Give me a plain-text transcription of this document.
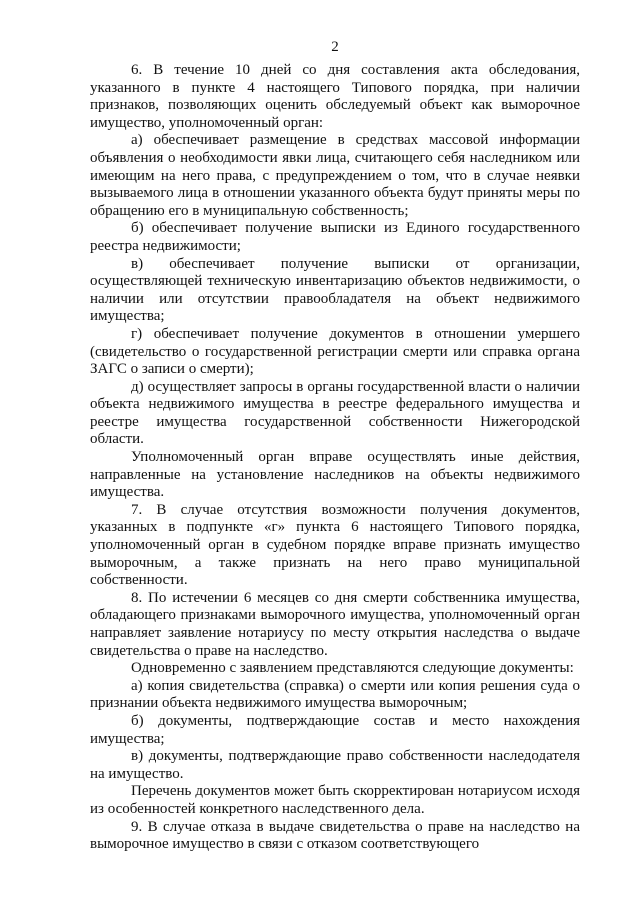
2

6. В течение 10 дней со дня составления акта обследования, указанного в пункте 4 настоящего Типового порядка, при наличии признаков, позволяющих оценить обследуемый объект как выморочное имущество, уполномоченный орган:

а) обеспечивает размещение в средствах массовой информации объявления о необходимости явки лица, считающего себя наследником или имеющим на него права, с предупреждением о том, что в случае неявки вызываемого лица в отношении указанного объекта будут приняты меры по обращению его в муниципальную собственность;

б) обеспечивает получение выписки из Единого государственного реестра недвижимости;

в) обеспечивает получение выписки от организации, осуществляющей техническую инвентаризацию объектов недвижимости, о наличии или отсутствии правообладателя на объект недвижимого имущества;

г) обеспечивает получение документов в отношении умершего (свидетельство о государственной регистрации смерти или справка органа ЗАГС о записи о смерти);

д) осуществляет запросы в органы государственной власти о наличии объекта недвижимого имущества в реестре федерального имущества и реестре имущества государственной собственности Нижегородской области.

Уполномоченный орган вправе осуществлять иные действия, направленные на установление наследников на объекты недвижимого имущества.

7. В случае отсутствия возможности получения документов, указанных в подпункте «г» пункта 6 настоящего Типового порядка, уполномоченный орган в судебном порядке вправе признать имущество выморочным, а также признать на него право муниципальной собственности.

8. По истечении 6 месяцев со дня смерти собственника имущества, обладающего признаками выморочного имущества, уполномоченный орган направляет заявление нотариусу по месту открытия наследства о выдаче свидетельства о праве на наследство.

Одновременно с заявлением представляются следующие документы:

а) копия свидетельства (справка) о смерти или копия решения суда о признании объекта недвижимого имущества выморочным;

б) документы, подтверждающие состав и место нахождения имущества;

в) документы, подтверждающие право собственности наследодателя на имущество.

Перечень документов может быть скорректирован нотариусом исходя из особенностей конкретного наследственного дела.

9. В случае отказа в выдаче свидетельства о праве на наследство на выморочное имущество в связи с отказом соответствующего
